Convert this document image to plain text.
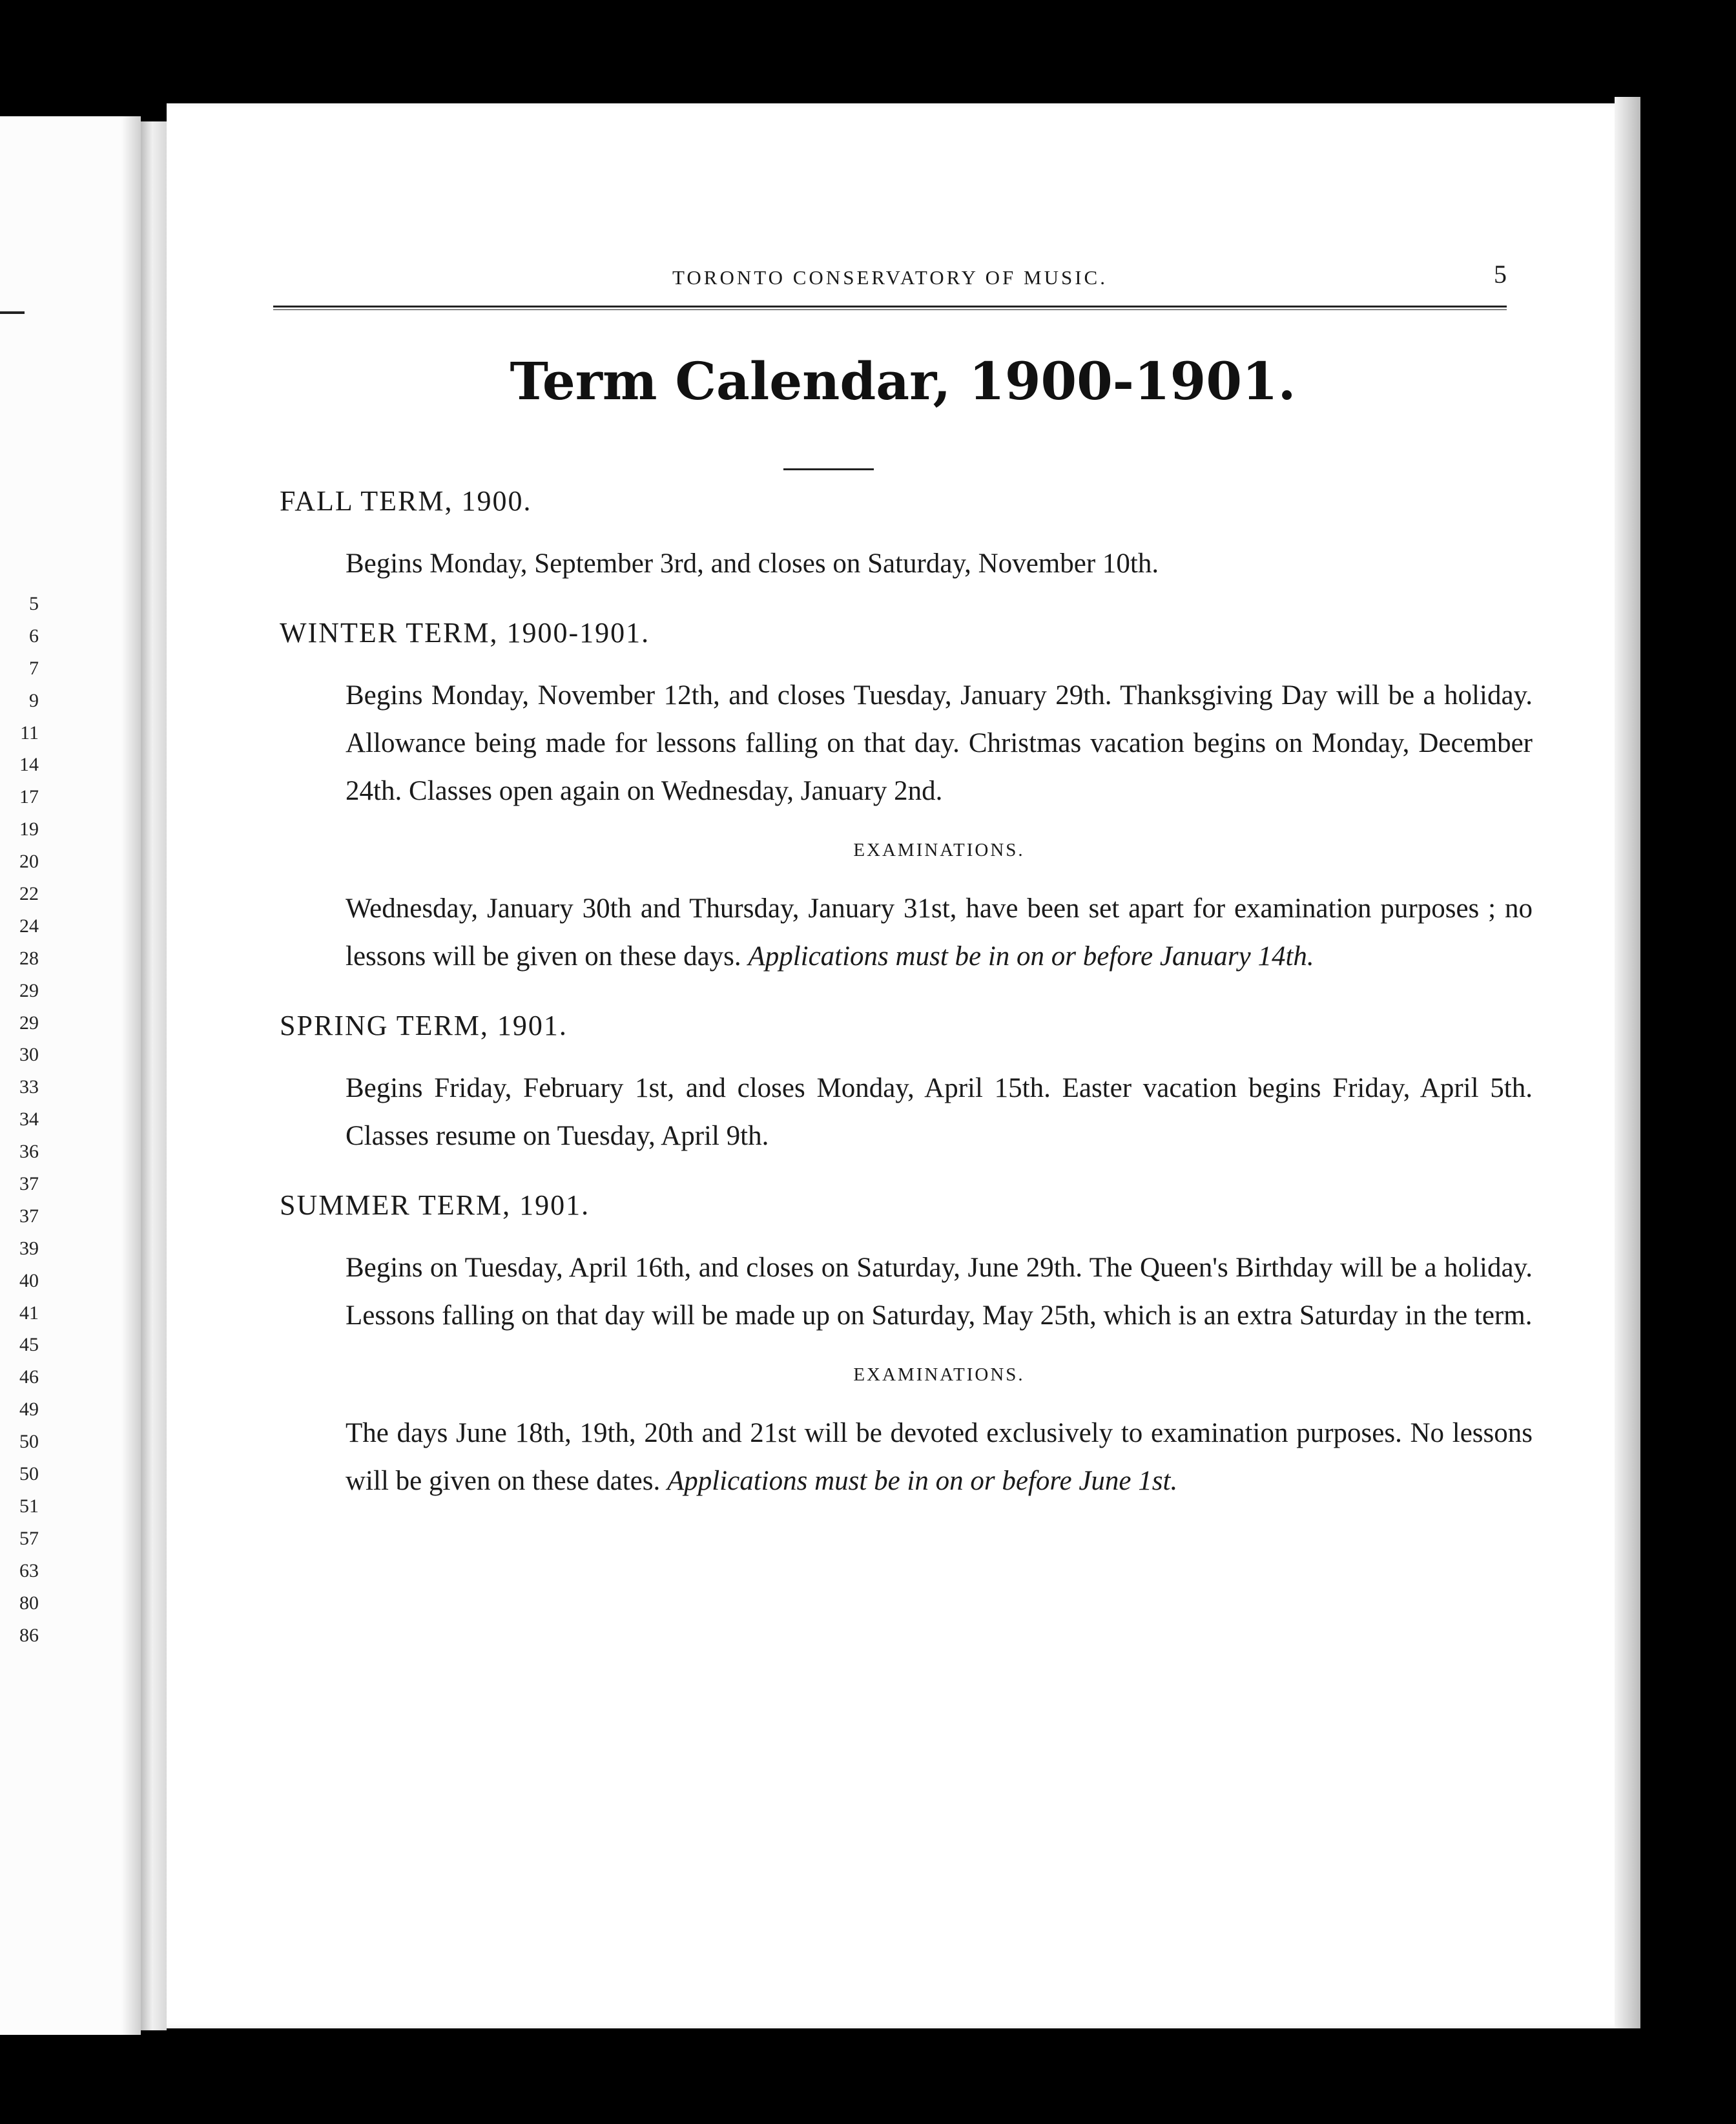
5
6
7
9
11
14
17
19
20
22
24
28
29
29
30
33
34
36
37
37
39
40
41
45
46
49
50
50
51
57
63
80
86
TORONTO CONSERVATORY OF MUSIC.	5
Term Calendar, 1900-1901.
FALL TERM, 1900.

Begins Monday, September 3rd, and closes on Saturday, November 10th.

WINTER TERM, 1900-1901.

Begins Monday, November 12th, and closes Tuesday, January 29th. Thanksgiving Day will be a holiday. Allowance being made for lessons falling on that day. Christmas vacation begins on Monday, December 24th. Classes open again on Wednesday, January 2nd.

EXAMINATIONS.

Wednesday, January 30th and Thursday, January 31st, have been set apart for examination purposes ; no lessons will be given on these days. Applications must be in on or before January 14th.

SPRING TERM, 1901.

Begins Friday, February 1st, and closes Monday, April 15th. Easter vacation begins Friday, April 5th. Classes resume on Tuesday, April 9th.

SUMMER TERM, 1901.

Begins on Tuesday, April 16th, and closes on Saturday, June 29th. The Queen's Birthday will be a holiday. Lessons falling on that day will be made up on Saturday, May 25th, which is an extra Saturday in the term.

EXAMINATIONS.

The days June 18th, 19th, 20th and 21st will be devoted exclusively to examination purposes. No lessons will be given on these dates. Applications must be in on or before June 1st.
